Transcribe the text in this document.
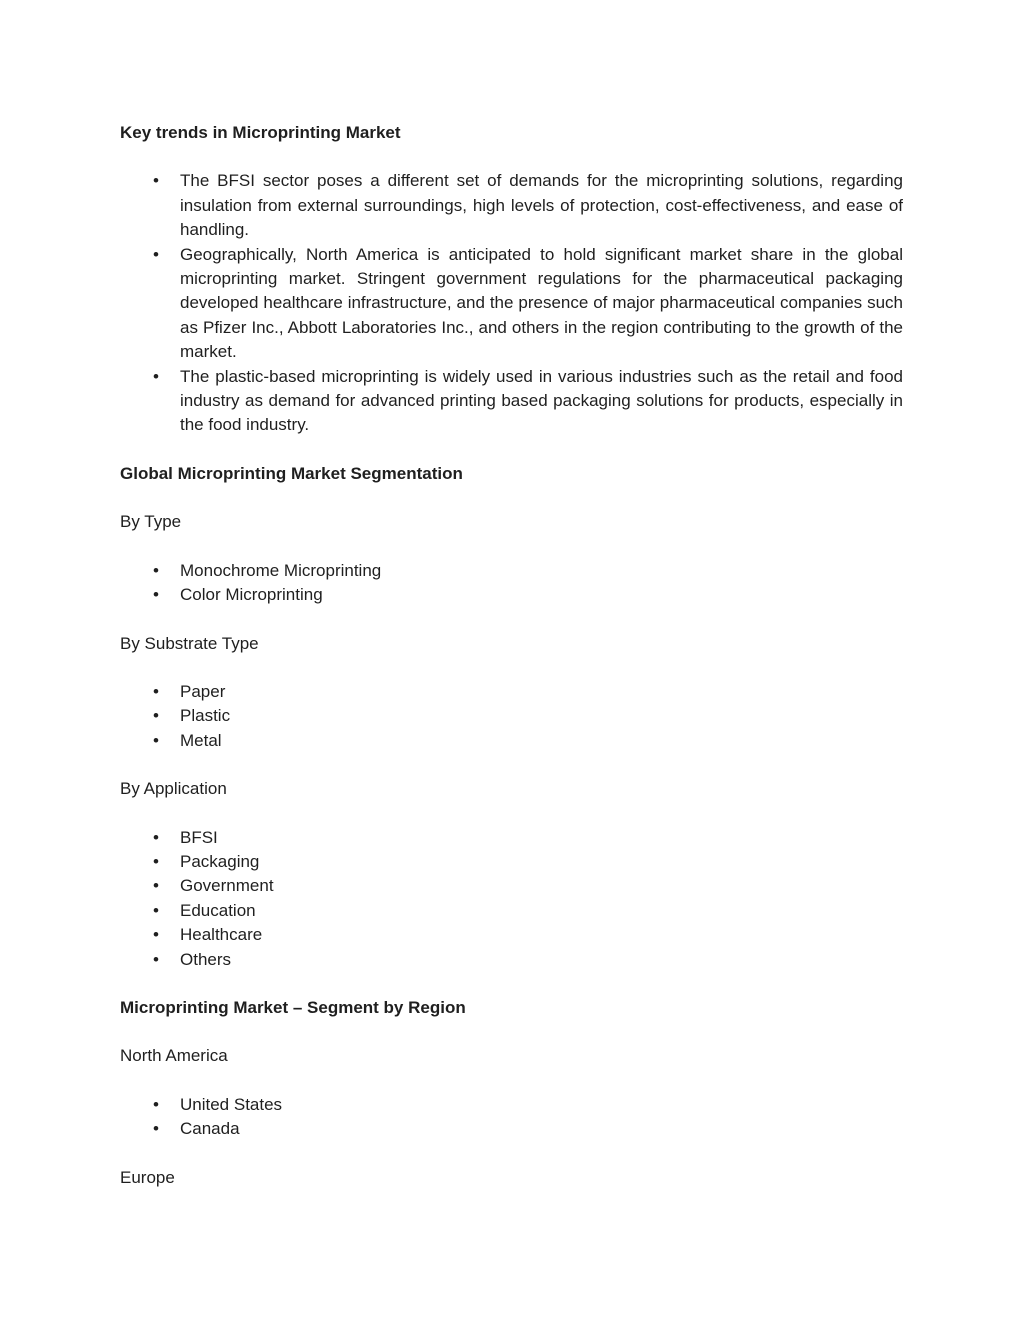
Key trends in Microprinting Market

• The BFSI sector poses a different set of demands for the microprinting solutions, regarding insulation from external surroundings, high levels of protection, cost-effectiveness, and ease of handling.
• Geographically, North America is anticipated to hold significant market share in the global microprinting market. Stringent government regulations for the pharmaceutical packaging developed healthcare infrastructure, and the presence of major pharmaceutical companies such as Pfizer Inc., Abbott Laboratories Inc., and others in the region contributing to the growth of the market.
• The plastic-based microprinting is widely used in various industries such as the retail and food industry as demand for advanced printing based packaging solutions for products, especially in the food industry.

Global Microprinting Market Segmentation

By Type

• Monochrome Microprinting
• Color Microprinting

By Substrate Type

• Paper
• Plastic
• Metal

By Application

• BFSI
• Packaging
• Government
• Education
• Healthcare
• Others

Microprinting Market – Segment by Region

North America

• United States
• Canada

Europe
